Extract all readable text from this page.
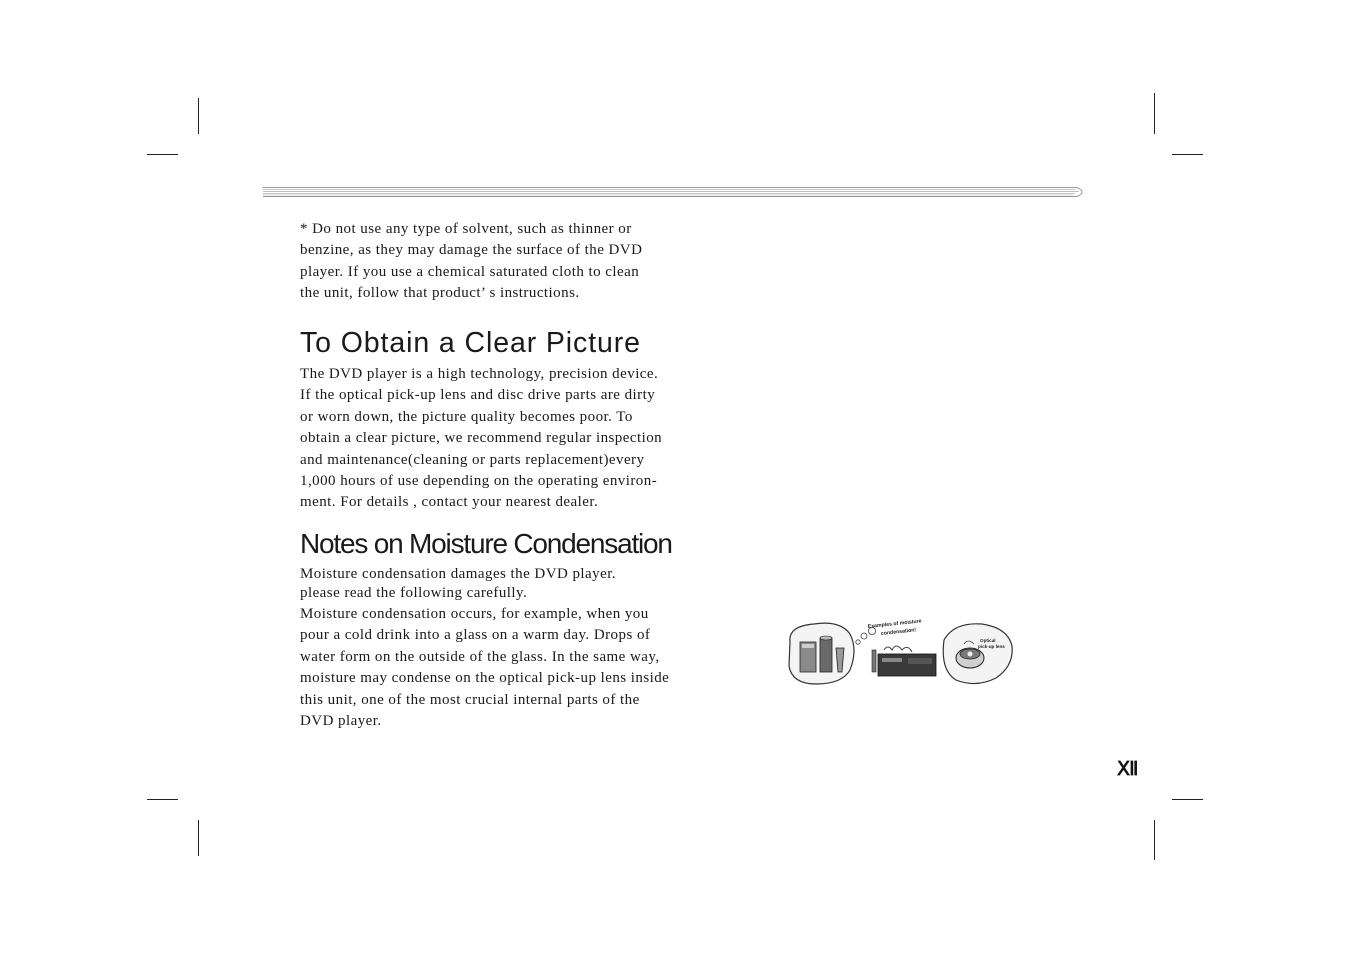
* Do not use any type of solvent, such as thinner or
benzine, as they may damage the surface of the DVD
player. If you use a chemical saturated cloth to clean
the unit, follow that product’ s instructions.

To Obtain a Clear Picture

The DVD player is a high technology, precision device.
If the optical pick-up lens and disc drive parts are dirty
or worn down, the picture quality becomes poor. To
obtain a clear picture, we recommend regular inspection
and maintenance(cleaning or parts replacement)every
1,000 hours of use depending on the operating environ-
ment. For details , contact your nearest dealer.

Notes on Moisture Condensation

Moisture condensation damages the DVD player.
please read the following carefully.

Moisture condensation occurs, for example, when you
pour a cold drink into a glass on a warm day. Drops of
water form on the outside of the glass. In the same way,
moisture may condense on the optical pick-up lens inside
this unit, one of the most crucial internal parts of the
DVD player.

Examples of moisture
condensation!
Optical
pick-up lens
Ⅻ
